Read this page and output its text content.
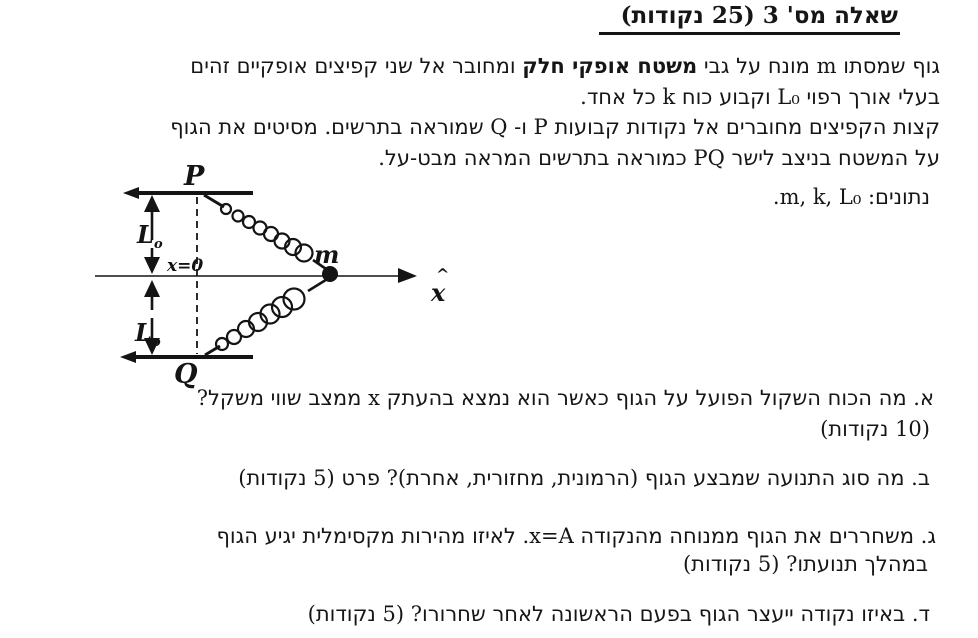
שאלה מס' 3 (25 נקודות)
גוף שמסתו m מונח על גבי משטח אופקי חלק ומחובר אל שני קפיצים אופקיים זהים
בעלי אורך רפוי L₀ וקבוע כוח k כל אחד.
קצות הקפיצים מחוברים אל נקודות קבועות P ו- Q שמוראה בתרשים. מסיטים את הגוף
על המשטח בניצב לישר PQ כמוראה בתרשים המראה מבט-על.
נתונים: m, k, L₀.
m
P
Q
L o
L o
x=0
x
^
א. מה הכוח השקול הפועל על הגוף כאשר הוא נמצא בהעתק x ממצב שווי משקל?
(10 נקודות)
ב. מה סוג התנועה שמבצע הגוף (הרמונית, מחזורית, אחרת)? פרט (5 נקודות)
ג. משחררים את הגוף ממנוחה מהנקודה x=A. לאיזו מהירות מקסימלית יגיע הגוף
במהלך תנועתו? (5 נקודות)
ד. באיזו נקודה ייעצר הגוף בפעם הראשונה לאחר שחרורו? (5 נקודות)
